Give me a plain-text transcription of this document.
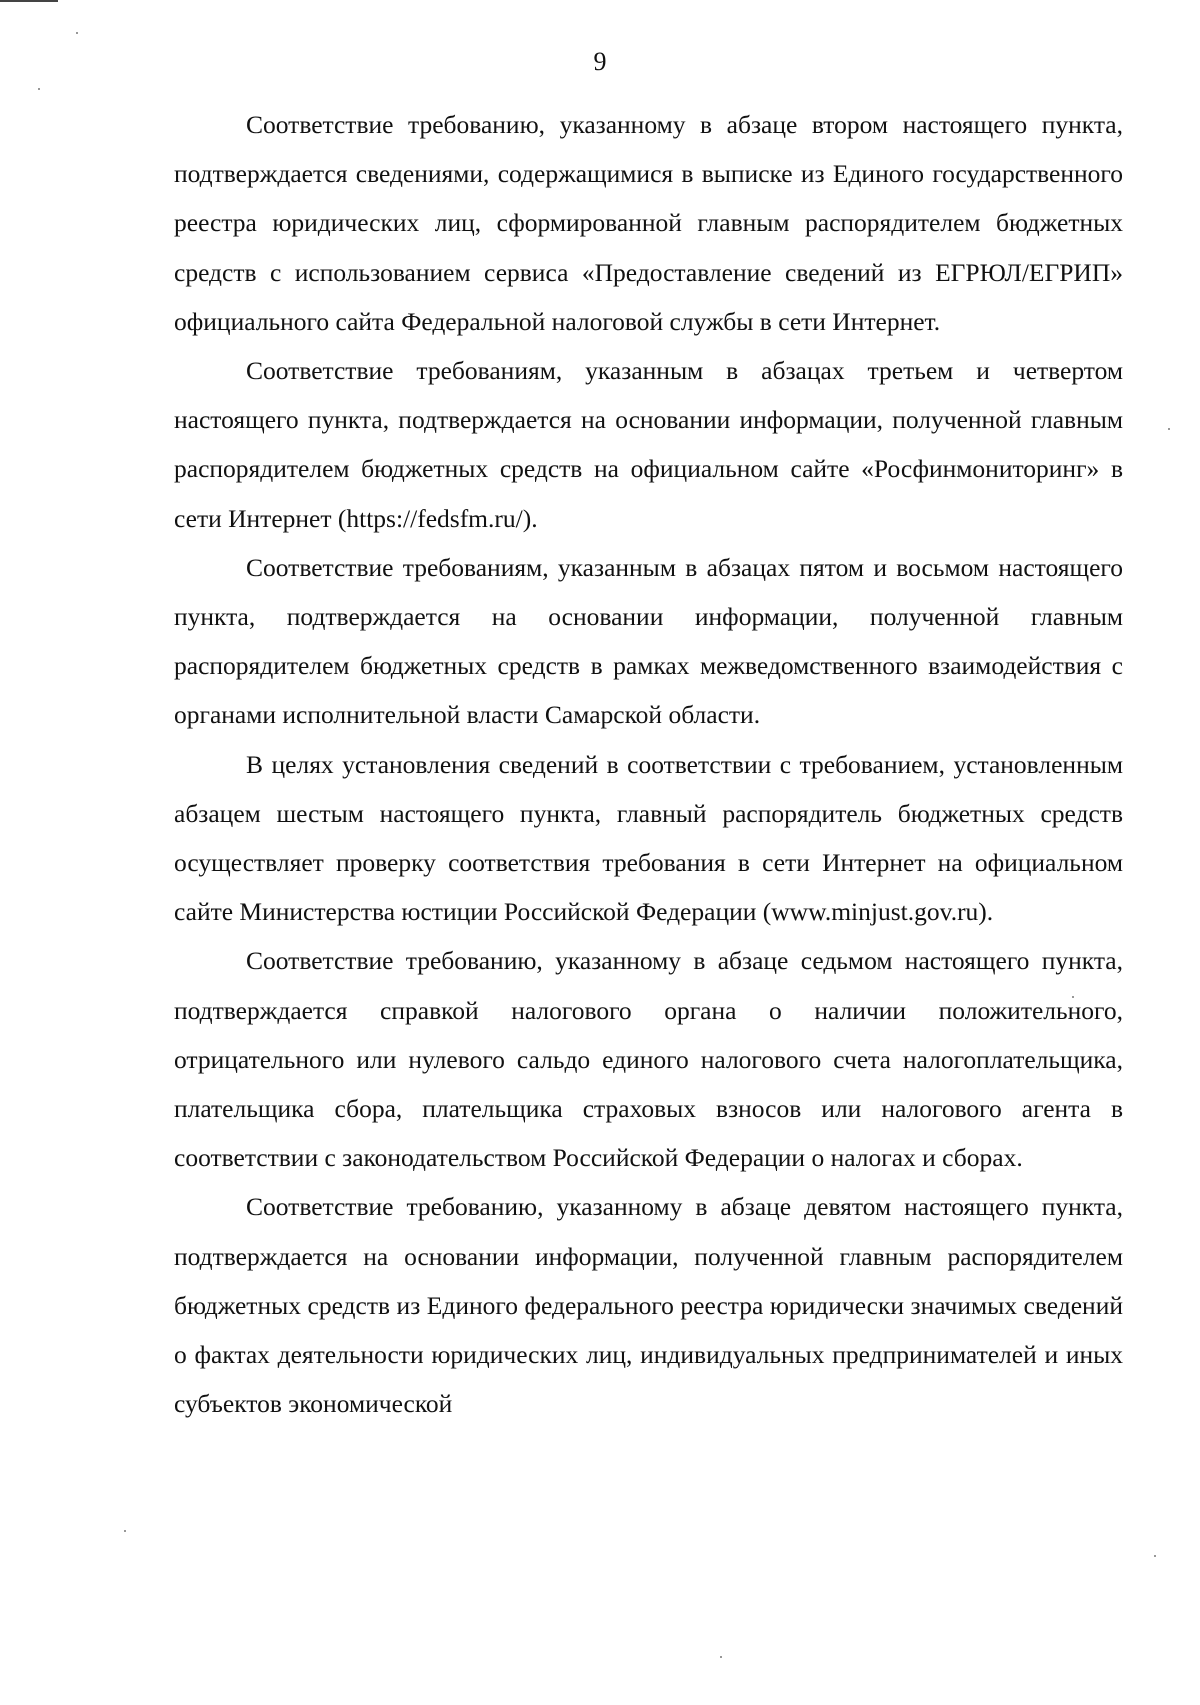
9

Соответствие требованию, указанному в абзаце втором настоящего пункта, подтверждается сведениями, содержащимися в выписке из Единого государственного реестра юридических лиц, сформированной главным распорядителем бюджетных средств с использованием сервиса «Предоставление сведений из ЕГРЮЛ/ЕГРИП» официального сайта Федеральной налоговой службы в сети Интернет.

Соответствие требованиям, указанным в абзацах третьем и четвертом настоящего пункта, подтверждается на основании информации, полученной главным распорядителем бюджетных средств на официальном сайте «Росфинмониторинг» в сети Интернет (https://fedsfm.ru/).

Соответствие требованиям, указанным в абзацах пятом и восьмом настоящего пункта, подтверждается на основании информации, полученной главным распорядителем бюджетных средств в рамках межведомственного взаимодействия с органами исполнительной власти Самарской области.

В целях установления сведений в соответствии с требованием, установленным абзацем шестым настоящего пункта, главный распорядитель бюджетных средств осуществляет проверку соответствия требования в сети Интернет на официальном сайте Министерства юстиции Российской Федерации (www.minjust.gov.ru).

Соответствие требованию, указанному в абзаце седьмом настоящего пункта, подтверждается справкой налогового органа о наличии положительного, отрицательного или нулевого сальдо единого налогового счета налогоплательщика, плательщика сбора, плательщика страховых взносов или налогового агента в соответствии с законодательством Российской Федерации о налогах и сборах.

Соответствие требованию, указанному в абзаце девятом настоящего пункта, подтверждается на основании информации, полученной главным распорядителем бюджетных средств из Единого федерального реестра юридически значимых сведений о фактах деятельности юридических лиц, индивидуальных предпринимателей и иных субъектов экономической
